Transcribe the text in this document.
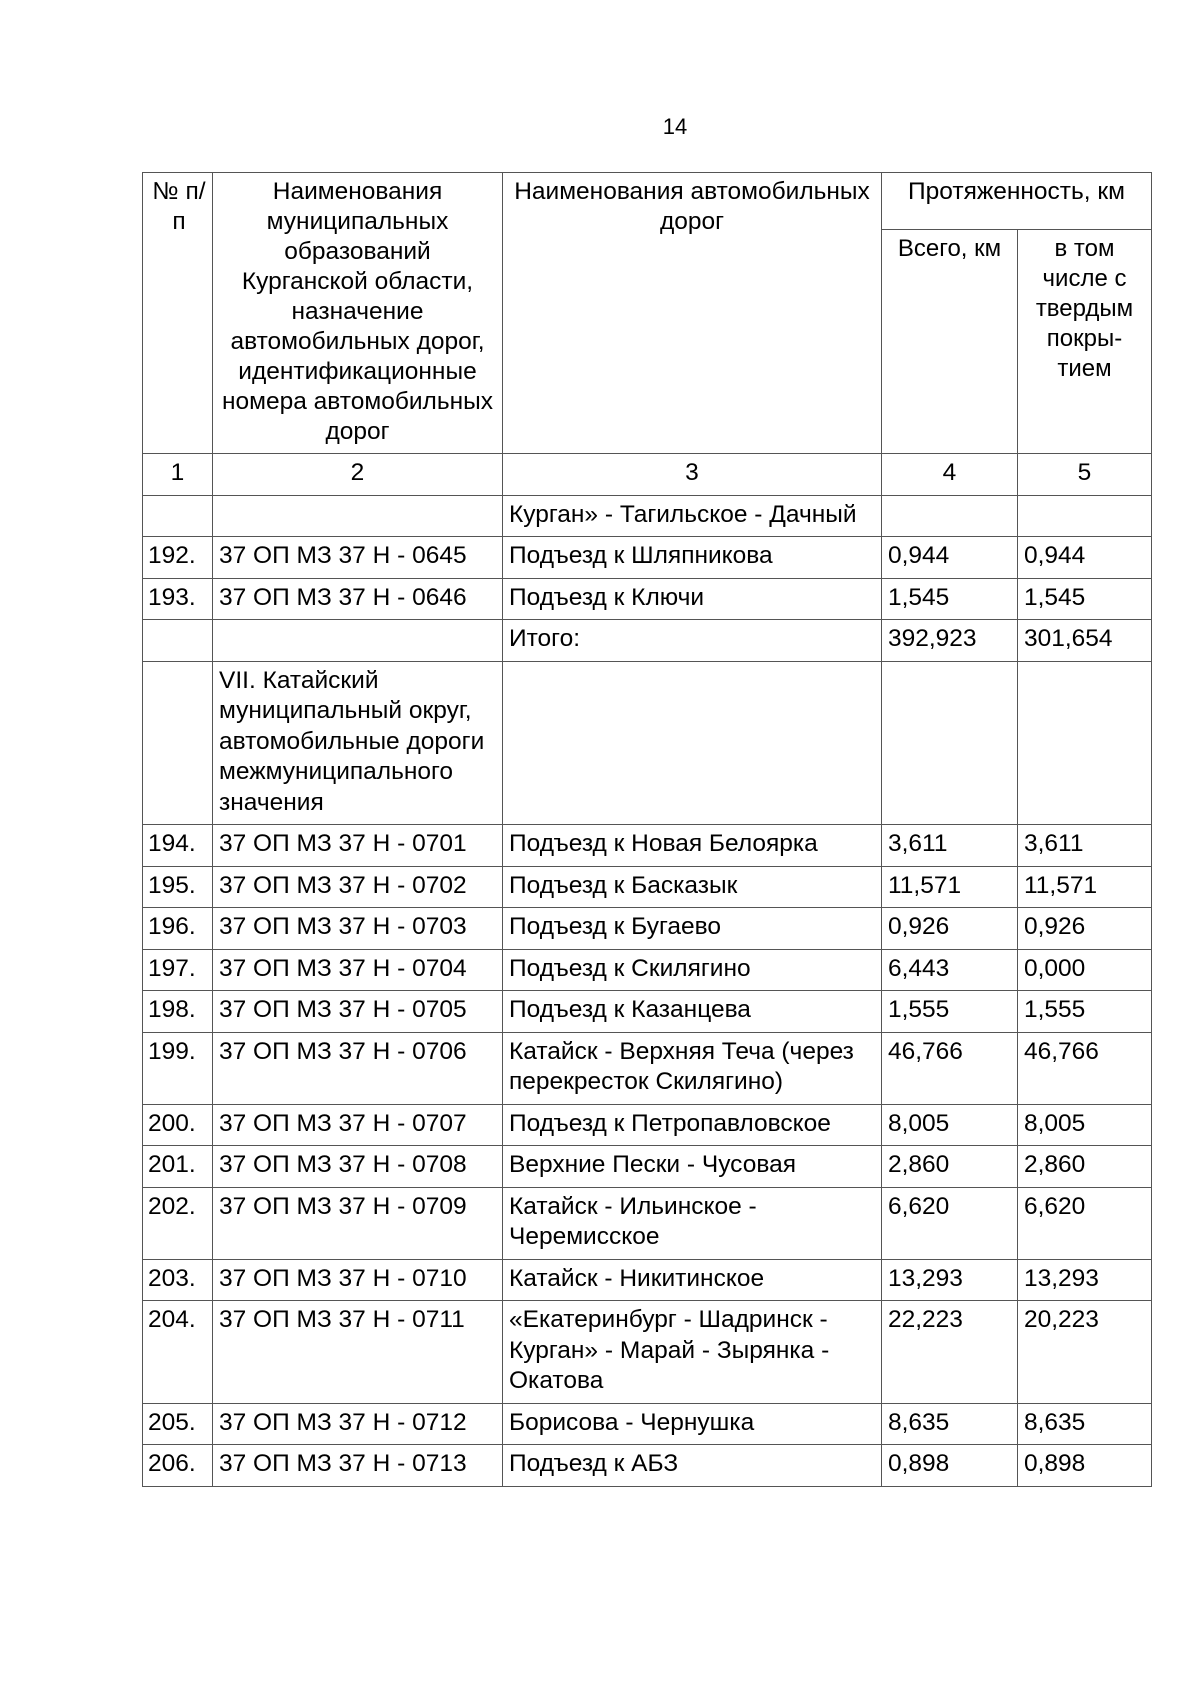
14
№ п/п	Наименования муниципальных образований Курганской области, назначение автомобильных дорог, идентификационные номера автомобильных дорог	Наименования автомобильных дорог	Протяженность, км	
			Всего, км	в том числе с твердым покры-тием
1	2	3	4	5
		Курган» - Тагильское - Дачный		
192.	37 ОП МЗ 37 Н - 0645	Подъезд к Шляпникова	0,944	0,944
193.	37 ОП МЗ 37 Н - 0646	Подъезд к Ключи	1,545	1,545
		Итого:	392,923	301,654
	VII. Катайский муниципальный округ, автомобильные дороги межмуниципального значения			
194.	37 ОП МЗ 37 Н - 0701	Подъезд к Новая Белоярка	3,611	3,611
195.	37 ОП МЗ 37 Н - 0702	Подъезд к Басказык	11,571	11,571
196.	37 ОП МЗ 37 Н - 0703	Подъезд к Бугаево	0,926	0,926
197.	37 ОП МЗ 37 Н - 0704	Подъезд к Скилягино	6,443	0,000
198.	37 ОП МЗ 37 Н - 0705	Подъезд к Казанцева	1,555	1,555
199.	37 ОП МЗ 37 Н - 0706	Катайск - Верхняя Теча (через перекресток Скилягино)	46,766	46,766
200.	37 ОП МЗ 37 Н - 0707	Подъезд к Петропавловское	8,005	8,005
201.	37 ОП МЗ 37 Н - 0708	Верхние Пески - Чусовая	2,860	2,860
202.	37 ОП МЗ 37 Н - 0709	Катайск - Ильинское - Черемисское	6,620	6,620
203.	37 ОП МЗ 37 Н - 0710	Катайск - Никитинское	13,293	13,293
204.	37 ОП МЗ 37 Н - 0711	«Екатеринбург - Шадринск - Курган» - Марай - Зырянка - Окатова	22,223	20,223
205.	37 ОП МЗ 37 Н - 0712	Борисова - Чернушка	8,635	8,635
206.	37 ОП МЗ 37 Н - 0713	Подъезд к АБЗ	0,898	0,898
